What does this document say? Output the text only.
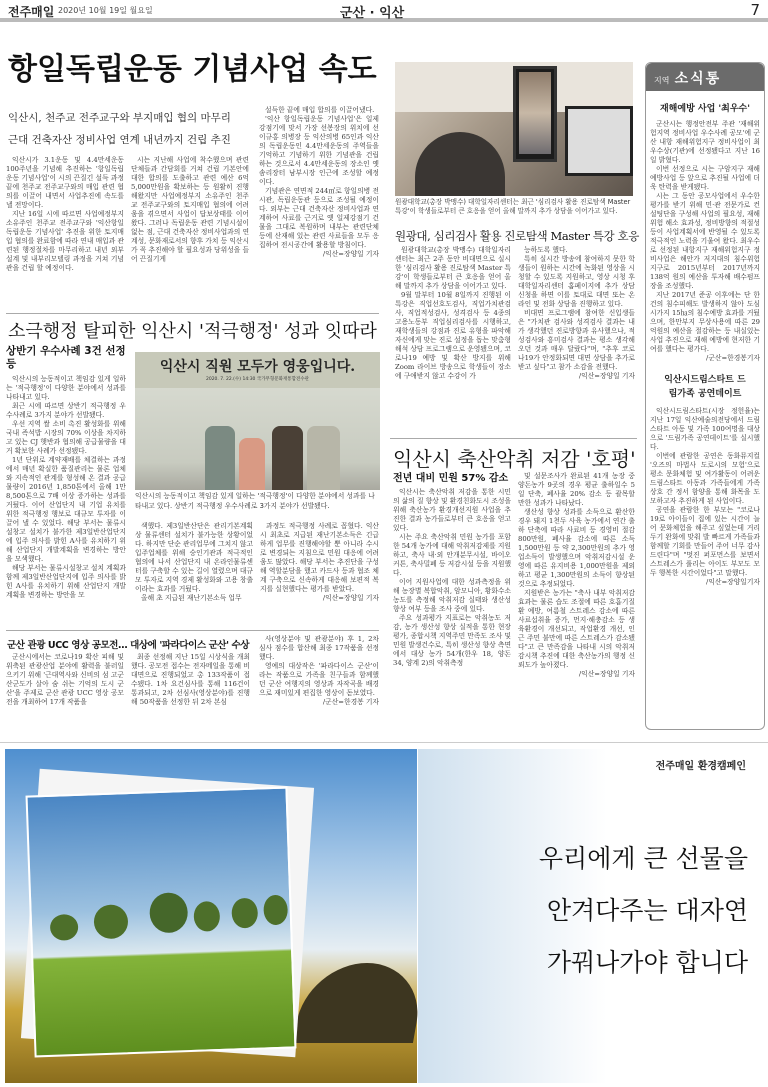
전주매일 2020년 10월 19일 월요일	군산 · 익산	7
항일독립운동 기념사업 속도
익산시, 천주교 전주교구와 부지매입 협의 마무리
근대 건축자산 정비사업 연계 내년까지 건립 추진

익산시가 3.1운동 및 4.4만세운동 100주년을 기념해 추진하는 '항일독립운동 기념사업'이 시의 끈질긴 설득 과정 끝에 천주교 전주교구와의 매입 관련 협의를 이끌어 내면서 사업추진에 속도를 낼 전망이다.

지난 16일 시에 따르면 사업예정부지 소유주인 천주교 전주교구와 '익산항일독립운동 기념사업' 추진을 위한 토지매입 협의를 완료함에 따라 연내 매입과 관련된 행정절차를 마무리하고 내년 외부설계 및 내부리모델링 과정을 거쳐 기념관을 건립 할 예정이다.

시는 지난해 사업에 착수했으며 관련 단체들과 간담회를 거쳐 건립 기본안에 대한 합의를 도출하고 관련 예산 6억5,000만원을 확보하는 등 원활히 진행해왔지만 사업예정부지 소유주인 천주교 전주교구와의 토지매입 협의에 어려움을 겪으면서 사업이 답보상태를 이어왔다. 그러나 독립운동 관련 기념시설이 없는 점, 근대 건축자산 정비사업과의 연계성, 문화재로서의 향후 가치 등 익산시가 꼭 추진해야 할 필요성과 당위성을 들어 끈질기게

설득한 끝에 매입 합의를 이끌어냈다.

'익산 항일독립운동 기념사업'은 일제강점기에 맞서 가장 선봉장의 위치에 선 이규홍 의병장 등 익산의병 65인과 익산의 독립운동인 4.4만세운동의 주역들을 기억하고 기념하기 위한 기념관을 건립하는 것으로서 4.4만세운동의 장소인 옛 솜리장터 남부시장 인근에 조성할 예정이다.

기념관은 연면적 244㎡로 항일의병 전시관, 독립운동관 등으로 조성될 예정이다. 외부는 근대 건축자산 정비사업과 연계하여 사료를 근거로 옛 일제강점기 건물을 그대로 복원하며 내부는 관련단체 등에 산재해 있는 관련 사료들을 모두 응집하여 전시공간에 활용할 방침이다.

/익산=장양일 기자
소극행정 탈피한 익산시 '적극행정' 성과 잇따라
상반기 우수사례 3건 선정 등

익산시의 능동적이고 책임감 있게 일하는 '적극행정'이 다양한 분야에서 성과를 나타내고 있다.

최근 시에 따르면 상반기 적극행정 우수사례로 3가지 분야가 선발됐다.

우선 지역 쌀 소비 촉진 활성화를 위해 국내 즉석밥 시장의 70% 이상을 차지하고 있는 CJ 햇반과 협의해 공급물량을 대거 확보한 사례가 선정됐다.

1년 단위로 계약재배를 체결하는 과정에서 매년 확실한 품질관리는 물론 업체와 지속적인 관계를 형성해 온 결과 공급물량이 2016년 1,850톤에서 올해 1만8,500톤으로 7배 이상 증가하는 성과를 거뒀다. 이어 산업단지 내 기업 유치를 위한 적극행정 행보로 대규모 투자를 이끌어 낼 수 있었다. 해당 부서는 물류시설창고 설치가 불가한 제3일반산업단지에 입주 의사를 밝힌 A사를 유치하기 위해 산업단지 개발계획을 변경하는 방안을 모색했다.

해당 부서는 물류시설창고 설치 계획과 함께 제3일반산업단지에 입주 의사를 밝힌 A사를 유치하기 위해 산업단지 개발계획을 변경하는 방안을 모

익산시 직원 모두가 영웅입니다.
2020. 7. 22.(수) 14:30 국가무형문화재통합전수관
익산시의 능동적이고 책임감 있게 일하는 '적극행정'이 다양한 분야에서 성과를 나타내고 있다. 상반기 적극행정 우수사례로 3가지 분야가 선발됐다.

색했다. 제3일반산단은 관리기본계획상 물류센터 설치가 불가능한 상황이었다. 하지만 단순 관리업무에 그치지 않고 입주업체를 위해 승인기관과 적극적인 협의에 나서 산업단지 내 온라인물류센터를 구축할 수 있는 길이 열렸으며 대규모 투자로 지역 경제 활성화와 고용 창출이라는 효과를 거뒀다.

올해 초 지급된 재난기본소득 업무

과정도 적극행정 사례로 꼽혔다. 익산시 최초로 지급된 재난기본소득은 긴급하게 업무를 진행해야할 뿐 아니라 수시로 변경되는 지침으로 민원 대응에 어려움도 많았다. 해당 부서는 추진단을 구성해 역할분담을 했고 카드사 등과 협조 체계 구축으로 신속하게 대응해 보편적 복지를 실현했다는 평가를 받았다.

/익산=장양일 기자
군산 관광 UCC 영상 공모전… 대상에 '파라다이스 군산' 수상

군산시에서는 코로나19 확산 피해 및 위축된 관광산업 분야에 활력을 불러일으키기 위해 '근대역사와 신비의 섬 고군산군도가 살아 숨 쉬는 기억의 도시 군산'을 주제로 군산 관광 UCC 영상 공모전을 개최하여 17개 작품을

최종 선정해 지난 15일 시상식을 개최했다. 공모전 접수는 전자메일을 통해 비대면으로 진행되었고 총 133작품이 접수됐다. 1차 요건심사를 통해 116건이 통과되고, 2차 선심사(영상분야)를 진행 해 50작품을 선정한 뒤 2차 본심

사(영상분야 및 관광분야) 후 1, 2차 심사 점수를 합산해 최종 17작품을 선정했다.

영예의 대상작은 '파라다이스 군산'이라는 작품으로 가족을 친구들과 함께했던 군산 여행지의 영상과 자작곡을 배경으로 재미있게 편집한 영상이 돋보였다.

/군산=한경봉 기자
원광대학교(총장 박맹수) 대학일자리센터는 최근 '심리검사 활용 진로탐색 Master 특강'이 학생들로부터 큰 호응을 얻어 올해 말까지 추가 상담을 이어가고 있다.
원광대, 심리검사 활용 진로탐색 Master 특강 호응

원광대학교(총장 박맹수) 대학일자리센터는 최근 2주 동안 비대면으로 실시한 '심리검사 활용 진로탐색 Master 특강'이 학생들로부터 큰 호응을 얻어 올해 말까지 추가 상담을 이어가고 있다.

9월 말부터 10월 8일까지 진행된 이 특강은 직업선호도검사, 직업가치관검사, 직업적성검사, 성격검사 등 4종의 고용노동부 직업심리검사를 시행하고, 재학생들의 강점과 진로 유형을 파악해 자신에게 맞는 진로 설정을 돕는 맞춤형 해석 상담 프로그램으로 운영됐으며, 코로나19 예방 및 확산 방지를 위해 Zoom 라이브 방송으로 학생들이 장소에 구애받지 않고 수강이 가

능하도록 했다.

특히 실시간 방송에 참여하지 못한 학생들이 원하는 시간에 녹화된 영상을 시청할 수 있도록 지원하고, 영상 시청 후 대학일자리센터 홈페이지에 추가 상담 신청을 하면 이를 토대로 대면 또는 온라인 및 전화 상담을 진행하고 있다.

비대면 프로그램에 참여한 신입생들은 "가치관 검사와 성격검사 결과는 내가 생각했던 진로방향과 유사했으나, 적성검사와 흥미검사 결과는 평소 생각해오던 것과 매우 달랐다"며, "추후 코로나19가 안정화되면 대면 상담을 추가로 받고 싶다"고 참가 소감을 전했다.

/익산=장양일 기자
익산시 축산악취 저감 '호평'
전년 대비 민원 57% 감소

익산시는 축산악취 저감을 통한 시민의 삶의 질 향상 및 환경친화도시 조성을 위해 축산농가 환경개선지원 사업을 추진한 결과 농가들로부터 큰 호응을 얻고 있다.

시는 주요 축산악취 민원 농가를 포함한 54개 농가에 대해 악취저감제를 지원하고, 축사 내·외 안개분무시설, 바이오커튼, 축사밀폐 등 저감시설 등을 지원했다.

이어 지원사업에 대한 성과측정을 위해 농장별 복합악취, 암모니아, 황화수소 농도를 측정해 악취저감 실태와 생산성 향상 여부 등을 조사 중에 있다.

주요 성과평가 지표로는 악취농도 저감, 농가 생산성 향상 실적을 통한 현장평가, 종합시책 지역주민 만족도 조사 및 민원 발생건수로, 특히 생산성 향상 측면에서 대상 농가 54개(한우 18, 양돈 34, 양계 2)의 악취측정

및 설문조사가 완료된 41개 농장 중 양돈농가 9곳의 경우 평균 출하일수 5일 단축, 폐사율 20% 감소 등 괄목할 만한 성과가 나타났다.

생산성 향상 성과를 소득으로 환산한 경우 돼지 1천두 사육 농가에서 연간 출하 단축에 따라 사료비 등 경영비 절감 800만원, 폐사율 감소에 따른 소득 1,500만원 등 약 2,300만원의 추가 영업소득이 발생했으며 악취저감시설 운영에 따른 유지비용 1,000만원을 제외하고 평균 1,300만원의 소득이 향상된 것으로 추정되었다.

지원받은 농가는 "축사 내부 악취저감효과는 물론 습도 조절에 따른 호흡기질환 예방, 여름철 스트레스 감소에 따른 사료섭취율 증가, 먼지·해충감소 등 생육환경이 개선되고, 작업환경 개선, 인근 주민 불만에 따른 스트레스가 감소됐다"고 큰 만족감을 나타내 시의 악취저감시책 추진에 대한 축산농가의 행정 신뢰도가 높아졌다.

/익산=장양일 기자
지역 소식통
재해예방 사업 '최우수'

군산시는 행정안전부 주관 '재해위험지역 정비사업 우수사례 공모'에 군산 내항 재해위험지구 정비사업이 최우수상(기관)에 선정됐다고 지난 16일 밝혔다.

이번 선정으로 시는 구암지구 재해예방사업 등 앞으로 추진될 사업에 더욱 탄력을 받게됐다.

시는 그 동안 공모사업에서 우수한 평가를 받기 위해 민·관 전문가로 컨설팅단을 구성해 사업의 필요성, 재해위험 해소 효과성, 정비방향의 적절성 등이 사업계획서에 반영될 수 있도록 적극적인 노력을 기울여 왔다. 최우수로 선정된 내항지구 재해위험지구 정비사업은 해안가 저지대의 침수위험지구로 2015년부터 2017년까지 138억 원의 예산을 투자해 배수펌프장을 조성했다.

지난 2017년 준공 이후에는 단 한 건의 침수피해도 발생하지 않아 도심 시가지 15㏊의 침수예방 효과를 거뒀으며, 한만부지 무상사용에 따른 29억원의 예산을 절감하는 등 내실있는 사업 추진으로 재해 예방에 현저한 기여를 했다는 평가다.

/군산=한경봉기자
익산시드림스타트 드림가족 공연데이트

익산시드림스타트(시장 정헌율)는 지난 17일 익산예술의전당에서 드림스타트 아동 및 가족 100여명을 대상으로 '드림가족 공연데이트'를 실시했다.

이번에 관람한 공연은 동화뮤지컬 '오즈의 마법사 도로시의 모험'으로 평소 문화체험 및 여가활동이 어려운 드림스타트 아동과 가족들에게 가족 상호 간 정서 함양을 통해 화목을 도모하고자 추진하게 된 사업이다.

공연을 관람한 한 부모는 "코로나19로 아이들이 집에 있는 시간이 늘어 문화체험을 해주고 싶었는데 거리두기 완화에 맞춰 발 빠르게 가족들과 함께할 기회를 만들어 주어 너무 감사드린다"며 "멋진 퍼포먼스를 보면서 스트레스가 풀리는 아이도 부모도 모두 행복한 시간이었다"고 말했다.

/익산=장양일기자
전주매일 환경캠페인
우리에게 큰 선물을
안겨다주는 대자연
가꿔나가야 합니다
